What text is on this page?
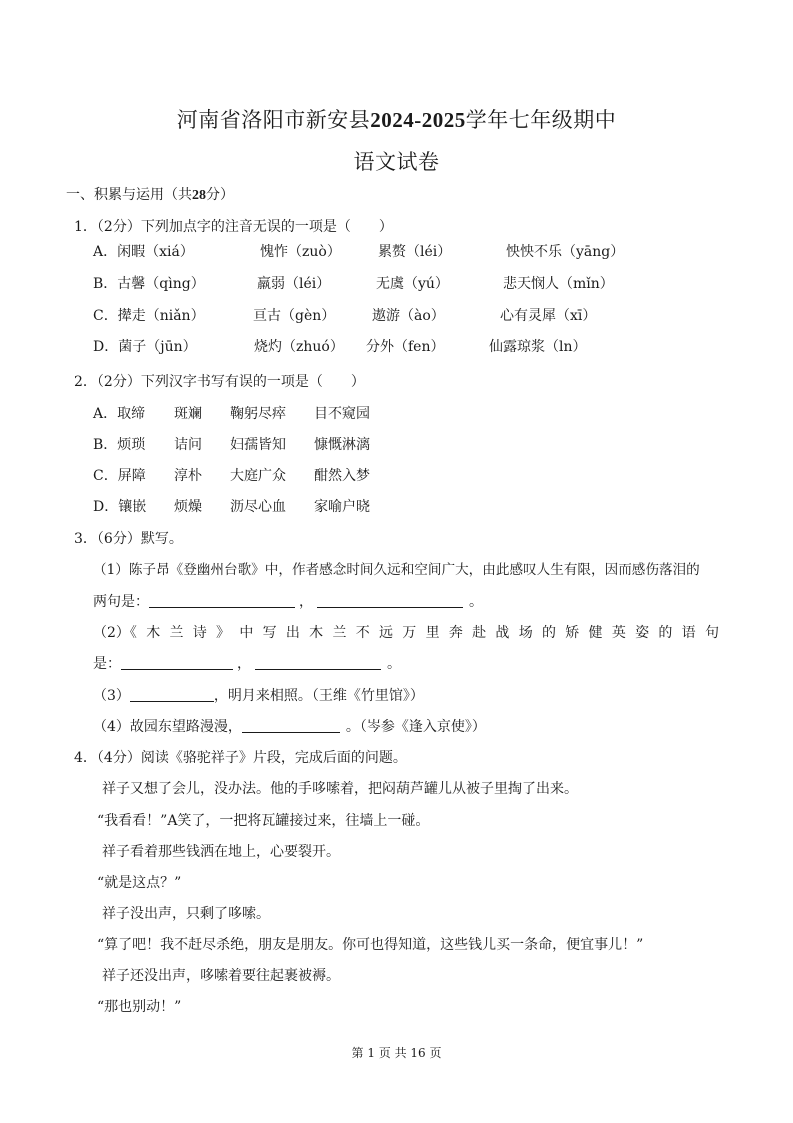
河南省洛阳市新安县2024-2025学年七年级期中
语文试卷
一、积累与运用（共28分）
1．（2分）下列加点字的注音无误的一项是（　　）
A．闲暇（xiá）	愧怍（zuò）	累赘（léi）	怏怏不乐（yāng）
B．古馨（qìng）	羸弱（léi）	无虞（yú）	悲天悯人（mǐn）
C．撵走（niǎn）	亘古（gèn）	遨游（ào）	心有灵犀（xī）
D．菌子（jūn）	烧灼（zhuó） 分外（fen）	仙露琼浆（ln）
2．（2分）下列汉字书写有误的一项是（　　）
A．取缔 斑斓 鞠躬尽瘁 目不窥园
B．烦琐 诘问 妇孺皆知 慷慨淋漓
C．屏障 淳朴 大庭广众 酣然入梦
D．镶嵌 烦燥 沥尽心血 家喻户晓
3．（6分）默写。
（1）陈子昂《登幽州台歌》中，作者感念时间久远和空间广大，由此感叹人生有限，因而感伤落泪的
两句是：	，	。
（2）《 木 兰 诗 》 中 写 出 木 兰 不 远 万 里 奔 赴 战 场 的 矫 健 英 姿 的 语 句
是：	，	。
（3）	，明月来相照。（王维《竹里馆》）
（4）故园东望路漫漫，	。（岑参《逢入京使》）
4．（4分）阅读《骆驼祥子》片段，完成后面的问题。
祥子又想了会儿，没办法。他的手哆嗦着，把闷葫芦罐儿从被子里掏了出来。
“我看看！”A笑了，一把将瓦罐接过来，往墙上一碰。
祥子看着那些钱洒在地上，心要裂开。
“就是这点？”
祥子没出声，只剩了哆嗦。
“算了吧！我不赶尽杀绝，朋友是朋友。你可也得知道，这些钱儿买一条命，便宜事儿！”
祥子还没出声，哆嗦着要往起裹被褥。
“那也别动！”
第 1 页 共 16 页
